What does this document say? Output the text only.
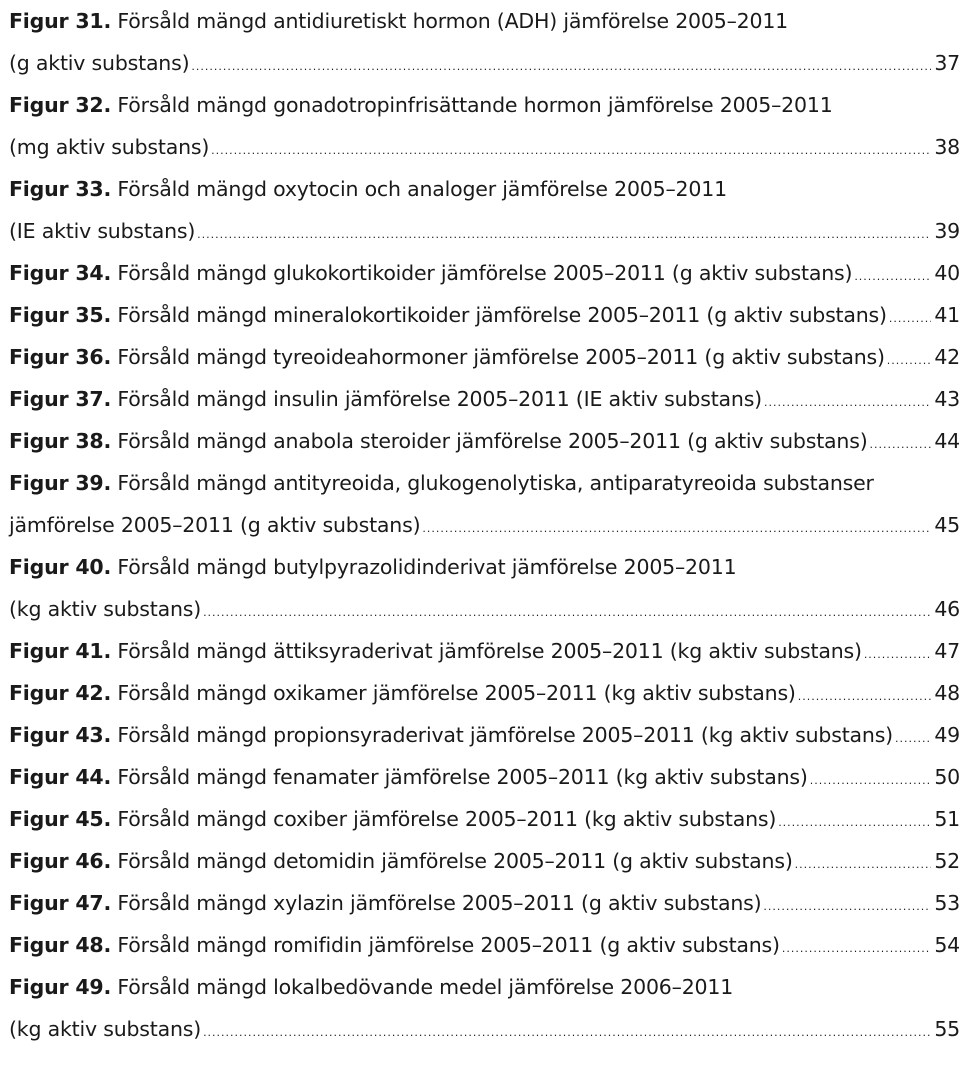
Figur 31. Försåld mängd antidiuretiskt hormon (ADH) jämförelse 2005–2011
(g aktiv substans) .....	37
Figur 32. Försåld mängd gonadotropinfrisättande hormon jämförelse 2005–2011
(mg aktiv substans) .....	38
Figur 33. Försåld mängd oxytocin och analoger jämförelse 2005–2011
(IE aktiv substans) .....	39
Figur 34. Försåld mängd glukokortikoider jämförelse 2005–2011 (g aktiv substans) .....	40
Figur 35. Försåld mängd mineralokortikoider jämförelse 2005–2011 (g aktiv substans) ..... 41
Figur 36. Försåld mängd tyreoideahormoner jämförelse 2005–2011 (g aktiv substans) ..... 42
Figur 37. Försåld mängd insulin jämförelse 2005–2011 (IE aktiv substans) .....	43
Figur 38. Försåld mängd anabola steroider jämförelse 2005–2011 (g aktiv substans) .....	44
Figur 39. Försåld mängd antityreoida, glukogenolytiska, antiparatyreoida substanser
jämförelse 2005–2011 (g aktiv substans) .....	45
Figur 40. Försåld mängd butylpyrazolidinderivat jämförelse 2005–2011
(kg aktiv substans) .....	46
Figur 41. Försåld mängd ättiksyraderivat jämförelse 2005–2011 (kg aktiv substans) .....	47
Figur 42. Försåld mängd oxikamer jämförelse 2005–2011 (kg aktiv substans) .....	48
Figur 43. Försåld mängd propionsyraderivat jämförelse 2005–2011 (kg aktiv substans) ..... 49
Figur 44. Försåld mängd fenamater jämförelse 2005–2011 (kg aktiv substans) .....	50
Figur 45. Försåld mängd coxiber jämförelse 2005–2011 (kg aktiv substans) .....	51
Figur 46. Försåld mängd detomidin jämförelse 2005–2011 (g aktiv substans) .....	52
Figur 47. Försåld mängd xylazin jämförelse 2005–2011 (g aktiv substans) .....	53
Figur 48. Försåld mängd romifidin jämförelse 2005–2011 (g aktiv substans) .....	54
Figur 49. Försåld mängd lokalbedövande medel jämförelse 2006–2011
(kg aktiv substans) .....	55
